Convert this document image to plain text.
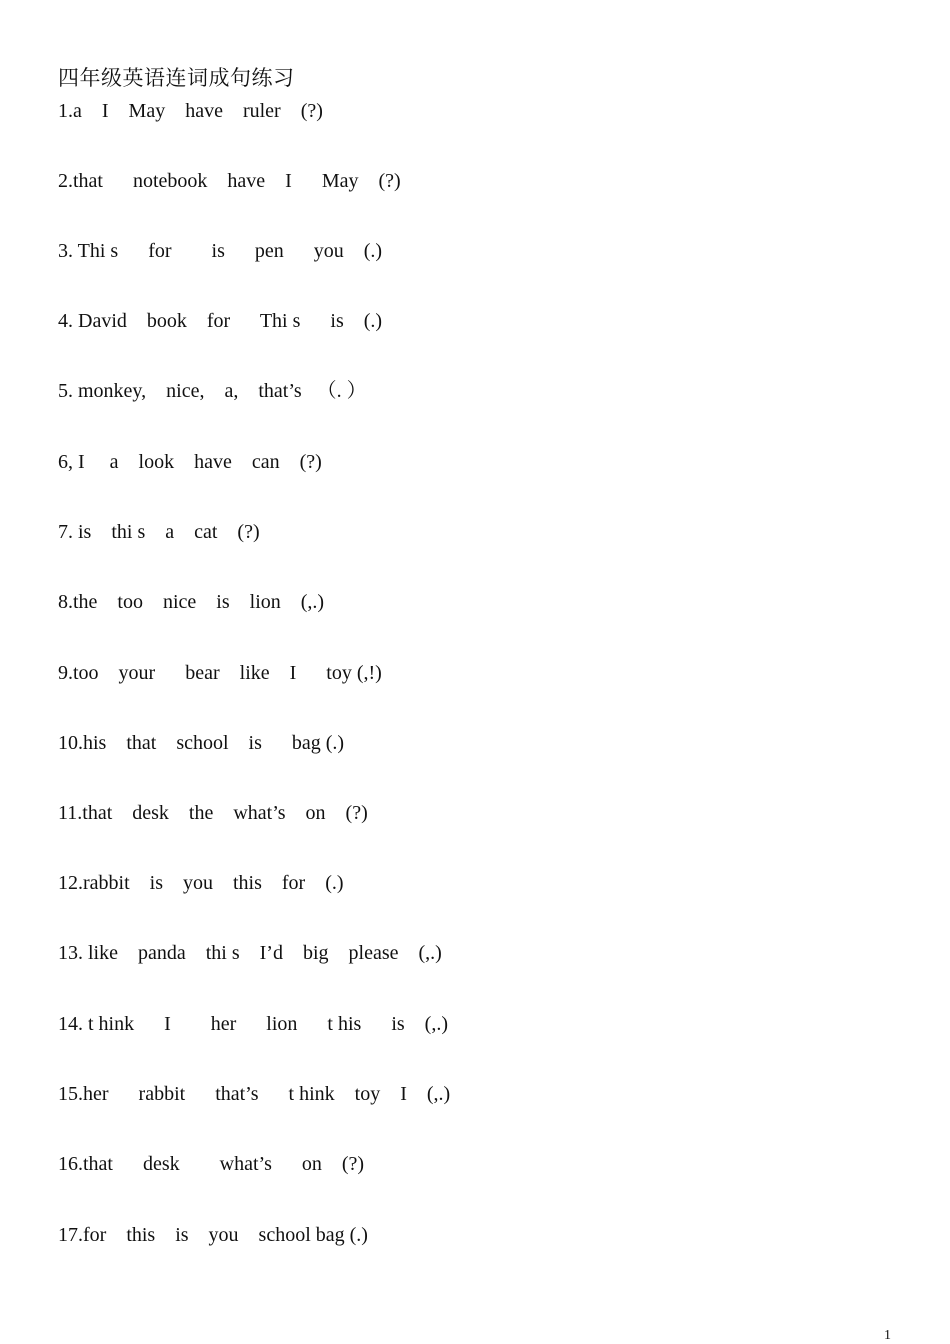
四年级英语连词成句练习
1.a    I    May    have    ruler    (?)
2.that      notebook    have    I      May    (?)
3. Thi s      for        is      pen      you    (.)
4. David    book    for      Thi s      is    (.)
5. monkey,    nice,    a,    that’s   （. ）
6, I     a    look    have    can    (?)
7. is    thi s    a    cat    (?)
8.the    too    nice    is    lion    (,.)
9.too    your      bear    like    I      toy (,!)
10.his    that    school    is      bag (.)
11.that    desk    the    what’s    on    (?)
12.rabbit    is    you    this    for    (.)
13. like    panda    thi s    I’d    big    please    (,.)
14. t hink      I        her      lion      t his      is    (,.)
15.her      rabbit      that’s      t hink    toy    I    (,.)
16.that      desk        what’s      on    (?)
17.for    this    is    you    school bag (.)
1
